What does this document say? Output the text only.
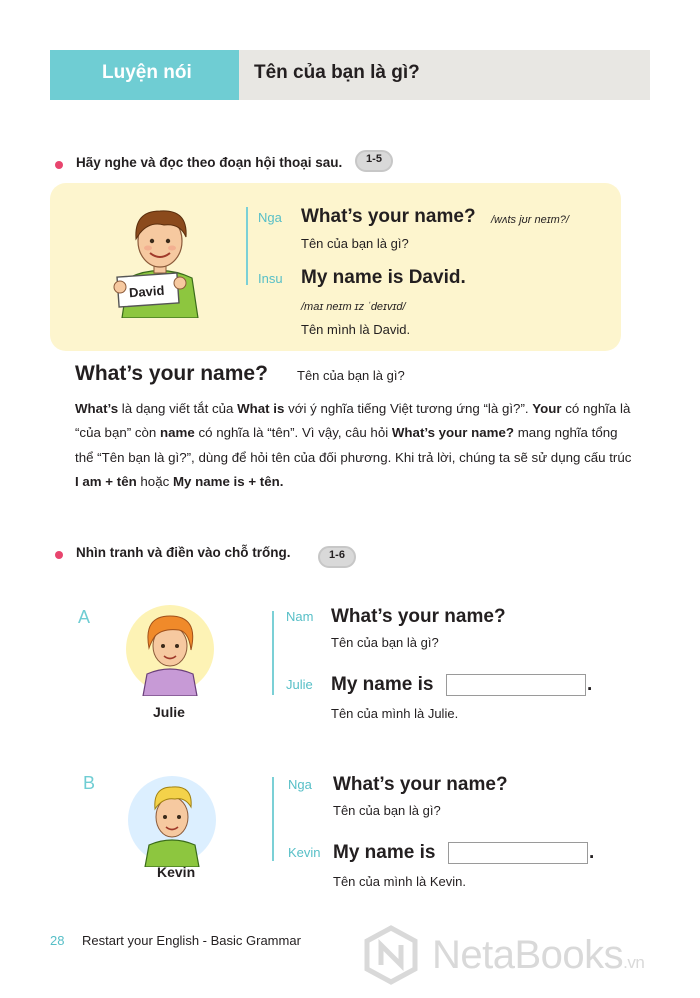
Luyện nói	Tên của bạn là gì?
Hãy nghe và đọc theo đoạn hội thoại sau.	1-5
David
Nga What’s your name? /wʌts jʊr neɪm?/
Tên của bạn là gì?
Insu My name is David.
/maɪ neɪm ɪz ˈdeɪvɪd/
Tên mình là David.
What’s your name? Tên của bạn là gì?
What’s là dạng viết tắt của What is với ý nghĩa tiếng Việt tương ứng “là gì?”. Your có nghĩa là “của bạn” còn name có nghĩa là “tên”. Vì vậy, câu hỏi What’s your name? mang nghĩa tổng thể “Tên bạn là gì?”, dùng để hỏi tên của đối phương. Khi trả lời, chúng ta sẽ sử dụng cấu trúc I am + tên hoặc My name is + tên.
Nhìn tranh và điền vào chỗ trống.	1-6
A
Julie
Nam What’s your name?
Tên của bạn là gì?
Julie My name is	.
Tên của mình là Julie.
B
Kevin
Nga What’s your name?
Tên của bạn là gì?
Kevin My name is	.
Tên của mình là Kevin.
28 Restart your English - Basic Grammar	NetaBooks.vn
